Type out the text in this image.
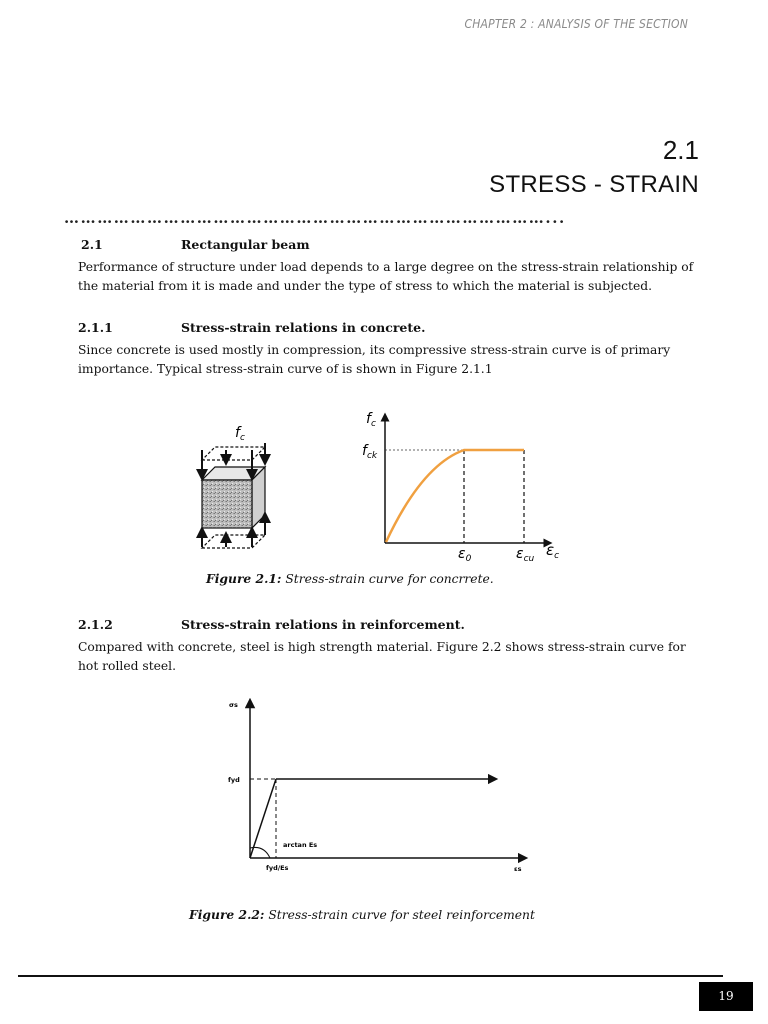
CHAPTER 2 : ANALYSIS OF THE SECTION
2.1
STRESS - STRAIN
……………………………………………………………………………...
2.1	Rectangular beam
Performance of structure under load depends to a large degree on the stress-strain relationship of the material from it is made and under the type of stress to which the material is subjected.
2.1.1	Stress-strain relations in concrete.
Since concrete is used mostly in compression, its compressive stress-strain curve is of primary importance. Typical stress-strain curve of is shown in Figure 2.1.1
$f_c$
$f_c$
$f_{ck}$
$\varepsilon_0$	$\varepsilon_{cu}$ $\varepsilon_c$
Figure 2.1: Stress-strain curve for concrrete.
2.1.2	Stress-strain relations in reinforcement.
Compared with concrete, steel is high strength material. Figure 2.2 shows stress-strain curve for hot rolled steel.
σs
fyd
arctan Es
fyd/Es	εs
Figure 2.2: Stress-strain curve for steel reinforcement
19
